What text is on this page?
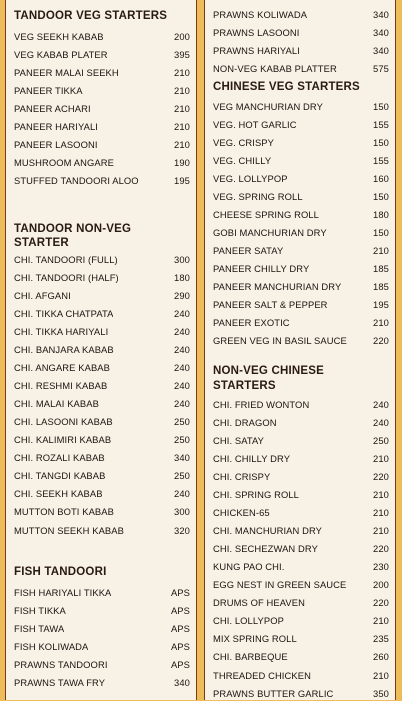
TANDOOR VEG STARTERS
VEG SEEKH KABAB	200
VEG KABAB PLATER	395
PANEER MALAI SEEKH	210
PANEER TIKKA	210
PANEER ACHARI	210
PANEER HARIYALI	210
PANEER LASOONI	210
MUSHROOM ANGARE	190
STUFFED TANDOORI ALOO	195
TANDOOR NON-VEG
STARTER
CHI. TANDOORI (FULL)	300
CHI. TANDOORI (HALF)	180
CHI. AFGANI	290
CHI. TIKKA CHATPATA	240
CHI. TIKKA HARIYALI	240
CHI. BANJARA KABAB	240
CHI. ANGARE KABAB	240
CHI. RESHMI KABAB	240
CHI. MALAI KABAB	240
CHI. LASOONI KABAB	250
CHI. KALIMIRI KABAB	250
CHI. ROZALI KABAB	340
CHI. TANGDI KABAB	250
CHI. SEEKH KABAB	240
MUTTON BOTI KABAB	300
MUTTON SEEKH KABAB	320
FISH TANDOORI
FISH HARIYALI TIKKA	APS
FISH TIKKA	APS
FISH TAWA	APS
FISH KOLIWADA	APS
PRAWNS TANDOORI	APS
PRAWNS TAWA FRY	340
PRAWNS KOLIWADA	340
PRAWNS LASOONI	340
PRAWNS HARIYALI	340
NON-VEG KABAB PLATTER	575
CHINESE VEG STARTERS
VEG MANCHURIAN DRY	150
VEG. HOT GARLIC	155
VEG. CRISPY	150
VEG. CHILLY	155
VEG. LOLLYPOP	160
VEG. SPRING ROLL	150
CHEESE SPRING ROLL	180
GOBI MANCHURIAN DRY	150
PANEER SATAY	210
PANEER CHILLY DRY	185
PANEER MANCHURIAN DRY	185
PANEER SALT & PEPPER	195
PANEER EXOTIC	210
GREEN VEG IN BASIL SAUCE	220
NON-VEG CHINESE
STARTERS
CHI. FRIED WONTON	240
CHI. DRAGON	240
CHI. SATAY	250
CHI. CHILLY DRY	210
CHI. CRISPY	220
CHI. SPRING ROLL	210
CHICKEN-65	210
CHI. MANCHURIAN DRY	210
CHI. SECHEZWAN DRY	220
KUNG PAO CHI.	230
EGG NEST IN GREEN SAUCE	200
DRUMS OF HEAVEN	220
CHI. LOLLYPOP	210
MIX SPRING ROLL	235
CHI. BARBEQUE	260
THREADED CHICKEN	210
PRAWNS BUTTER GARLIC	350
